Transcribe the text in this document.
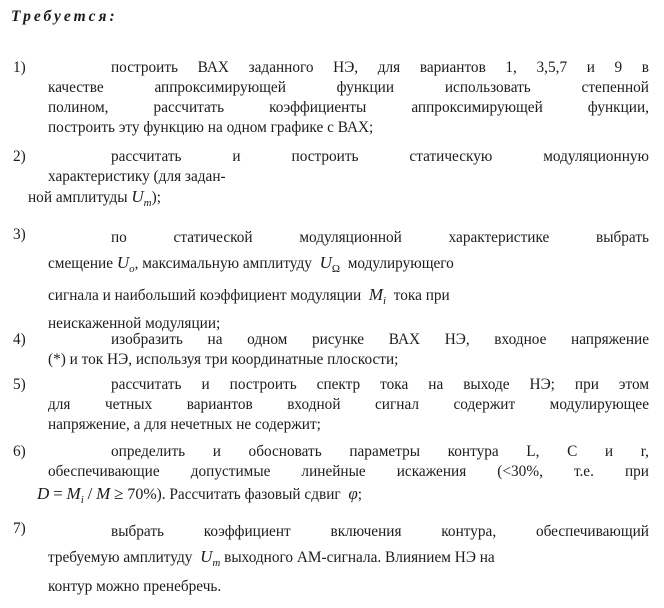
Требуется:
1)	построить ВАХ заданного НЭ, для вариантов 1, 3,5,7 и 9 в
качестве аппроксимирующей функции использовать степенной
полином, рассчитать коэффициенты аппроксимирующей функции,
построить эту функцию на одном графике с ВАХ;
2)	рассчитать и построить статическую модуляционную
характеристику (для задан-
ной амплитуды $U_m$);
3)	по статической модуляционной характеристике выбрать
смещение $U_o$, максимальную амплитуду $U_\Omega$ модулирующего
сигнала и наибольший коэффициент модуляции $M_i$ тока при
неискаженной модуляции;
4)	изобразить на одном рисунке ВАХ НЭ, входное напряжение
(*) и ток НЭ, используя три координатные плоскости;
5)	рассчитать и построить спектр тока на выходе НЭ; при этом
для четных вариантов входной сигнал содержит модулирующее
напряжение, а для нечетных не содержит;
6)	определить и обосновать параметры контура L, C и r,
обеспечивающие допустимые линейные искажения (<30%, т.е. при
$D = M_i / M \ge 70\%$). Рассчитать фазовый сдвиг φ;
7)	выбрать коэффициент включения контура, обеспечивающий
требуемую амплитуду $U_m$ выходного АМ-сигнала. Влиянием НЭ на
контур можно пренебречь.
